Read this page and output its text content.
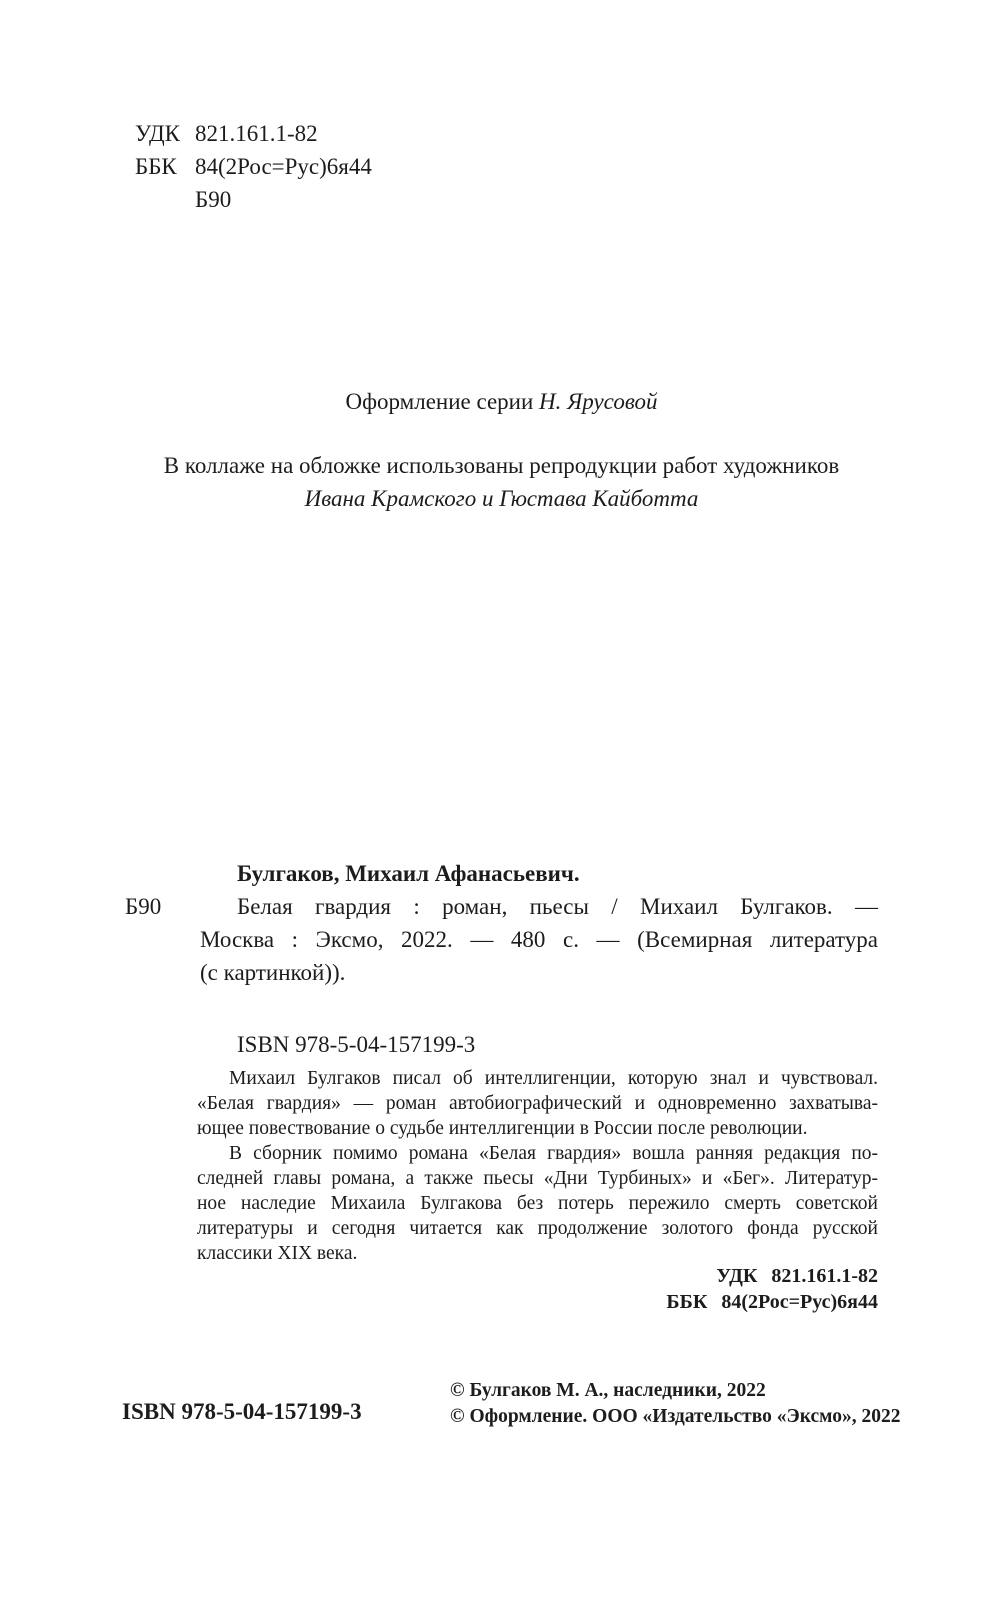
УДК 821.161.1-82
ББК 84(2Рос=Рус)6я44
Б90
Оформление серии Н. Ярусовой
В коллаже на обложке использованы репродукции работ художников
Ивана Крамского и Гюстава Кайботта
Б90
Булгаков, Михаил Афанасьевич.
Белая гвардия : роман, пьесы / Михаил Булгаков. —
Москва : Эксмо, 2022. — 480 с. — (Всемирная литература
(с картинкой)).
ISBN 978-5-04-157199-3
Михаил Булгаков писал об интеллигенции, которую знал и чувствовал.
«Белая гвардия» — роман автобиографический и одновременно захватыва-
ющее повествование о судьбе интеллигенции в России после революции.
В сборник помимо романа «Белая гвардия» вошла ранняя редакция по-
следней главы романа, а также пьесы «Дни Турбиных» и «Бег». Литератур-
ное наследие Михаила Булгакова без потерь пережило смерть советской
литературы и сегодня читается как продолжение золотого фонда русской
классики XIX века.
УДК 821.161.1-82
ББК 84(2Рос=Рус)6я44
ISBN 978-5-04-157199-3
© Булгаков М. А., наследники, 2022
© Оформление. ООО «Издательство «Эксмо», 2022
